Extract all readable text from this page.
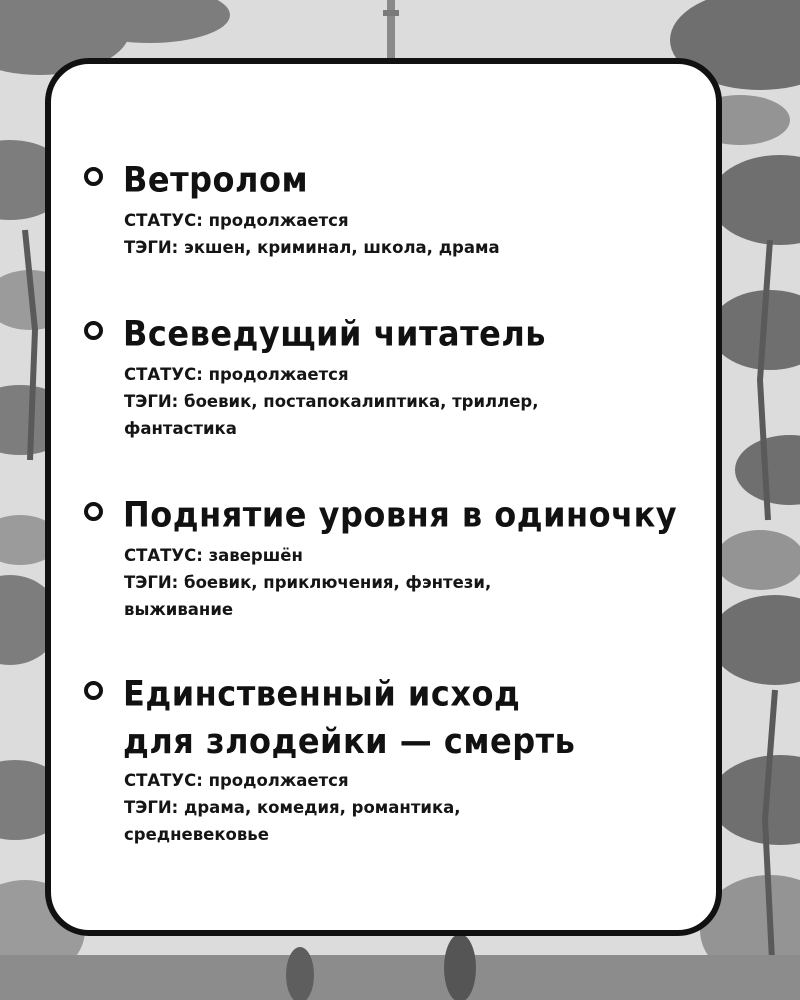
Ветролом
СТАТУС: продолжается
ТЭГИ: экшен, криминал, школа, драма
Всеведущий читатель
СТАТУС: продолжается
ТЭГИ: боевик, постапокалиптика, триллер,
фантастика
Поднятие уровня в одиночку
СТАТУС: завершён
ТЭГИ: боевик, приключения, фэнтези,
выживание
Единственный исход
для злодейки — смерть
СТАТУС: продолжается
ТЭГИ: драма, комедия, романтика,
средневековье
